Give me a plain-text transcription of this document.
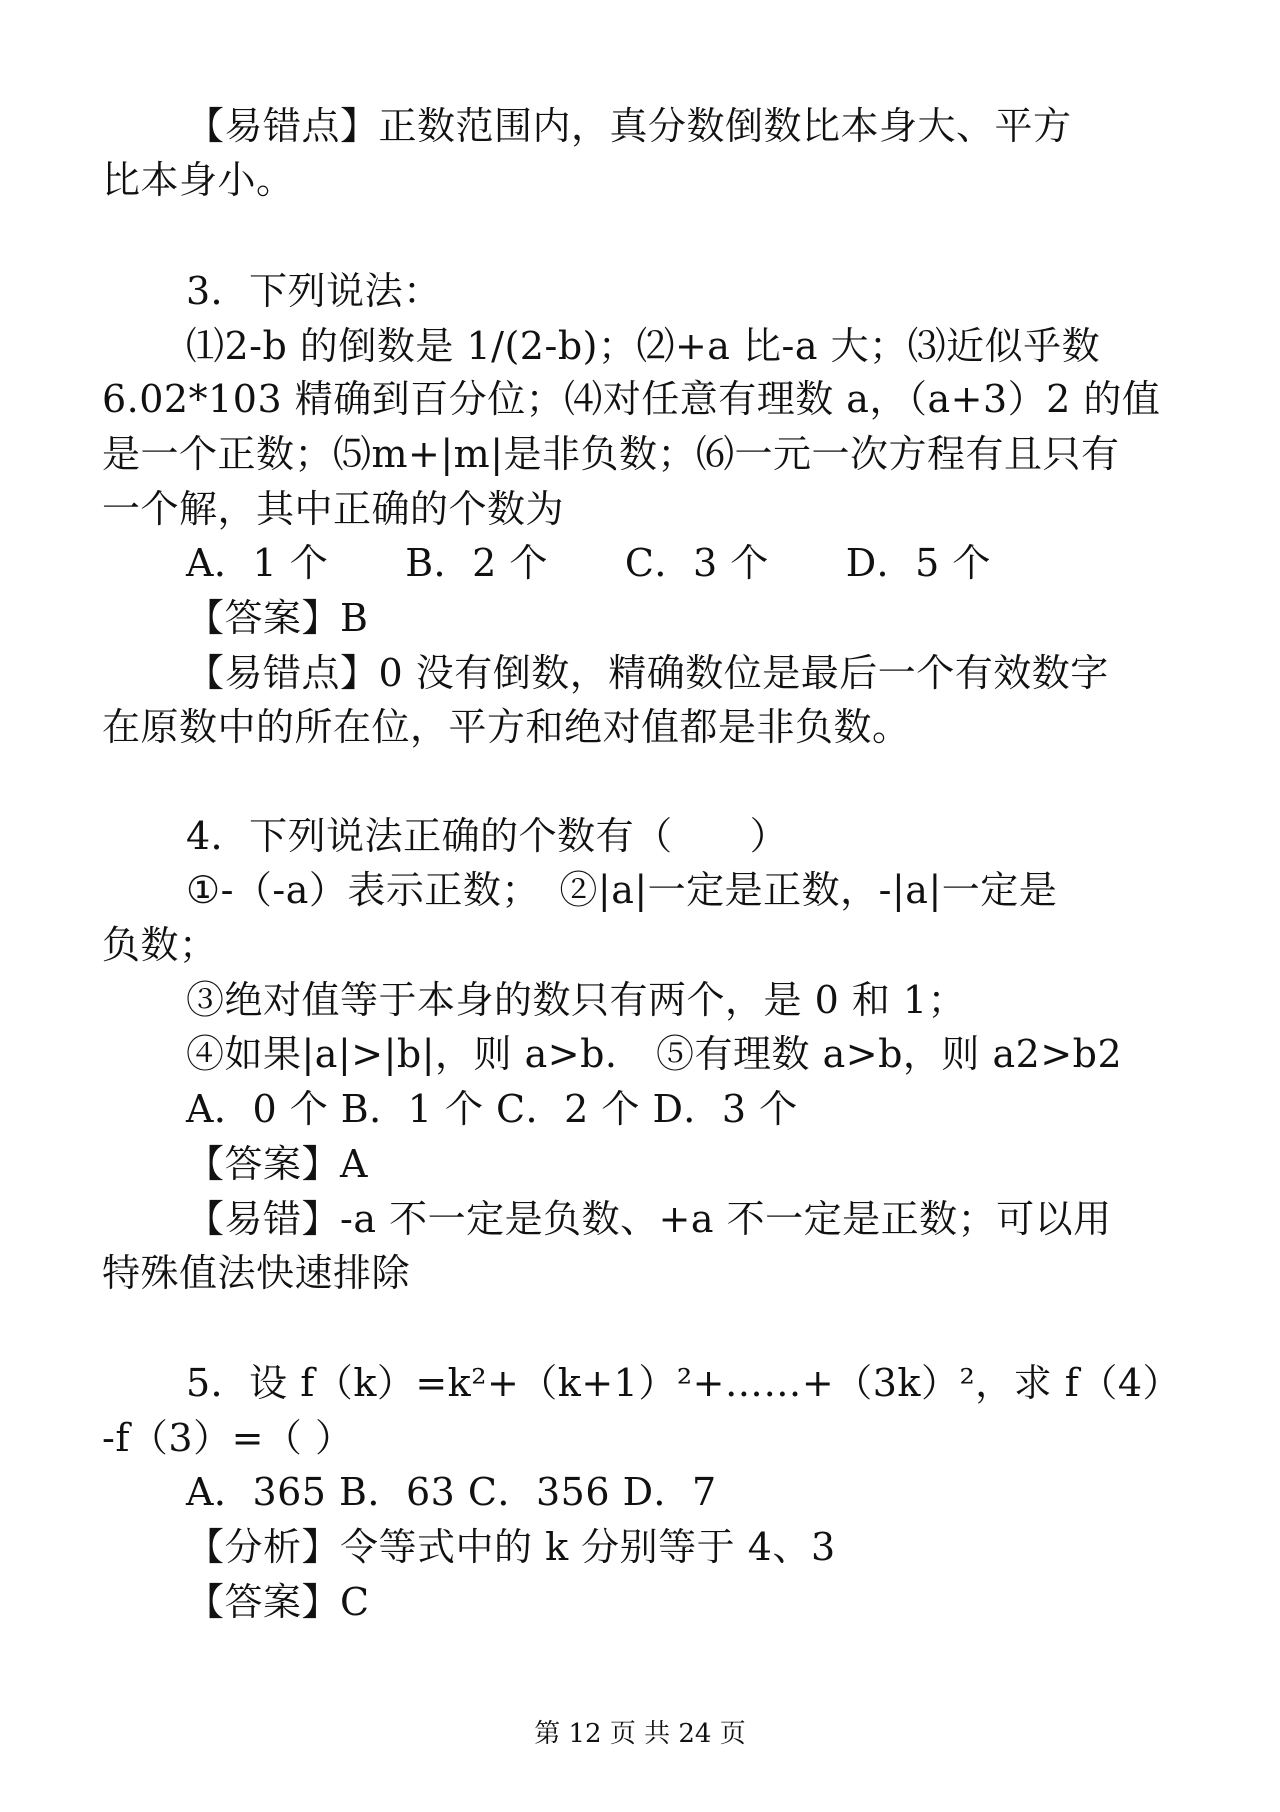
【易错点】正数范围内，真分数倒数比本身大、平方
比本身小。
3．下列说法：
⑴2-b 的倒数是 1/(2-b)；⑵+a 比-a 大；⑶近似乎数
6.02*103 精确到百分位；⑷对任意有理数 a，（a+3）2 的值
是一个正数；⑸m+|m|是非负数；⑹一元一次方程有且只有
一个解，其中正确的个数为
A．1 个　　B．2 个　　C．3 个　　D．5 个
【答案】B
【易错点】0 没有倒数，精确数位是最后一个有效数字
在原数中的所在位，平方和绝对值都是非负数。
4．下列说法正确的个数有（　　）
①-（-a）表示正数；　②|a|一定是正数，-|a|一定是
负数；
③绝对值等于本身的数只有两个，是 0 和 1；
④如果|a|>|b|，则 a>b.　⑤有理数 a>b，则 a2>b2
A．0 个 B．1 个 C．2 个 D．3 个
【答案】A
【易错】-a 不一定是负数、+a 不一定是正数；可以用
特殊值法快速排除
5．设 f（k）=k²+（k+1）²+……+（3k）²，求 f（4）
-f（3）=（ ）
A．365 B．63 C．356 D．7
【分析】令等式中的 k 分别等于 4、3
【答案】C
第 12 页 共 24 页
